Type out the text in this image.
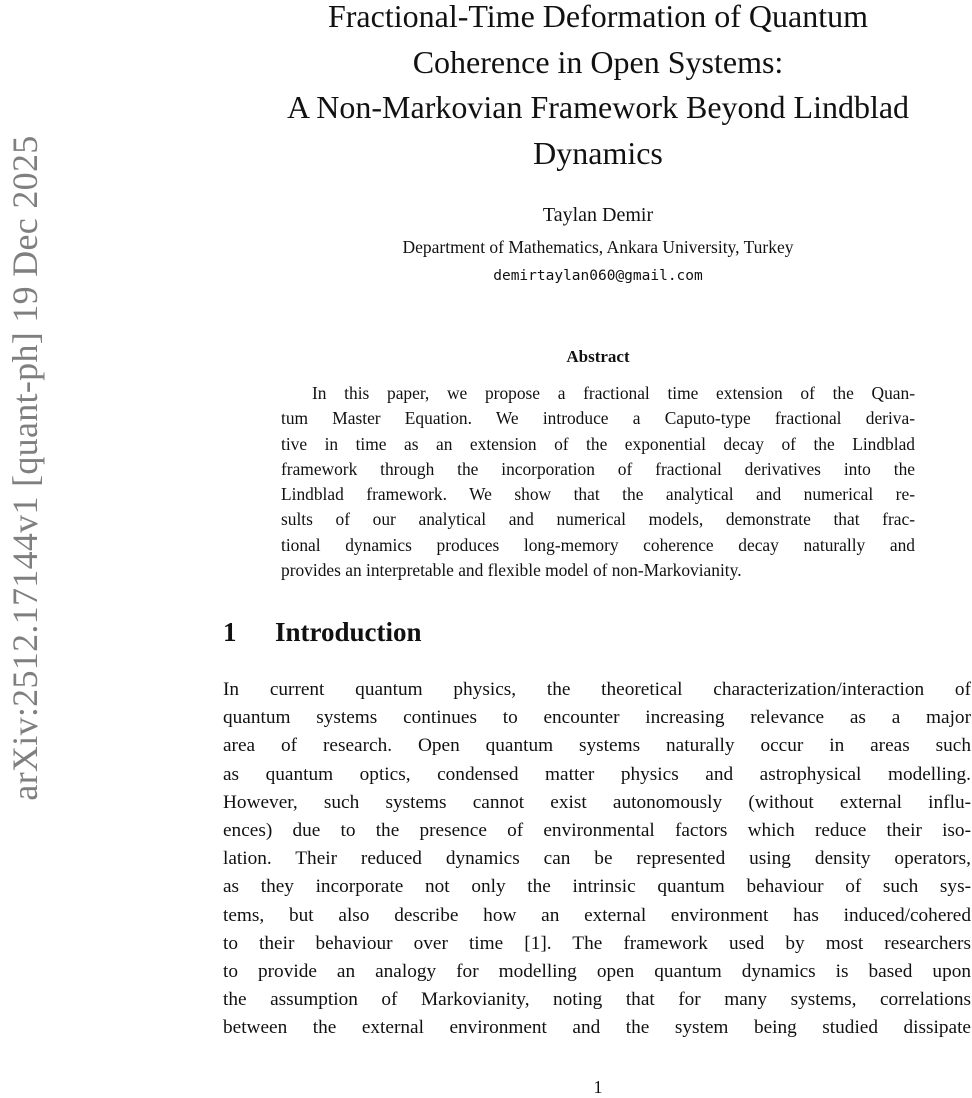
arXiv:2512.17144v1 [quant-ph] 19 Dec 2025
Fractional-Time Deformation of Quantum
Coherence in Open Systems:
A Non-Markovian Framework Beyond Lindblad
Dynamics
Taylan Demir
Department of Mathematics, Ankara University, Turkey
demirtaylan060@gmail.com
Abstract
In this paper, we propose a fractional time extension of the Quan-
tum Master Equation. We introduce a Caputo-type fractional deriva-
tive in time as an extension of the exponential decay of the Lindblad
framework through the incorporation of fractional derivatives into the
Lindblad framework. We show that the analytical and numerical re-
sults of our analytical and numerical models, demonstrate that frac-
tional dynamics produces long-memory coherence decay naturally and
provides an interpretable and flexible model of non-Markovianity.
1 Introduction
In current quantum physics, the theoretical characterization/interaction of
quantum systems continues to encounter increasing relevance as a major
area of research. Open quantum systems naturally occur in areas such
as quantum optics, condensed matter physics and astrophysical modelling.
However, such systems cannot exist autonomously (without external influ-
ences) due to the presence of environmental factors which reduce their iso-
lation. Their reduced dynamics can be represented using density operators,
as they incorporate not only the intrinsic quantum behaviour of such sys-
tems, but also describe how an external environment has induced/cohered
to their behaviour over time [1]. The framework used by most researchers
to provide an analogy for modelling open quantum dynamics is based upon
the assumption of Markovianity, noting that for many systems, correlations
between the external environment and the system being studied dissipate
1
